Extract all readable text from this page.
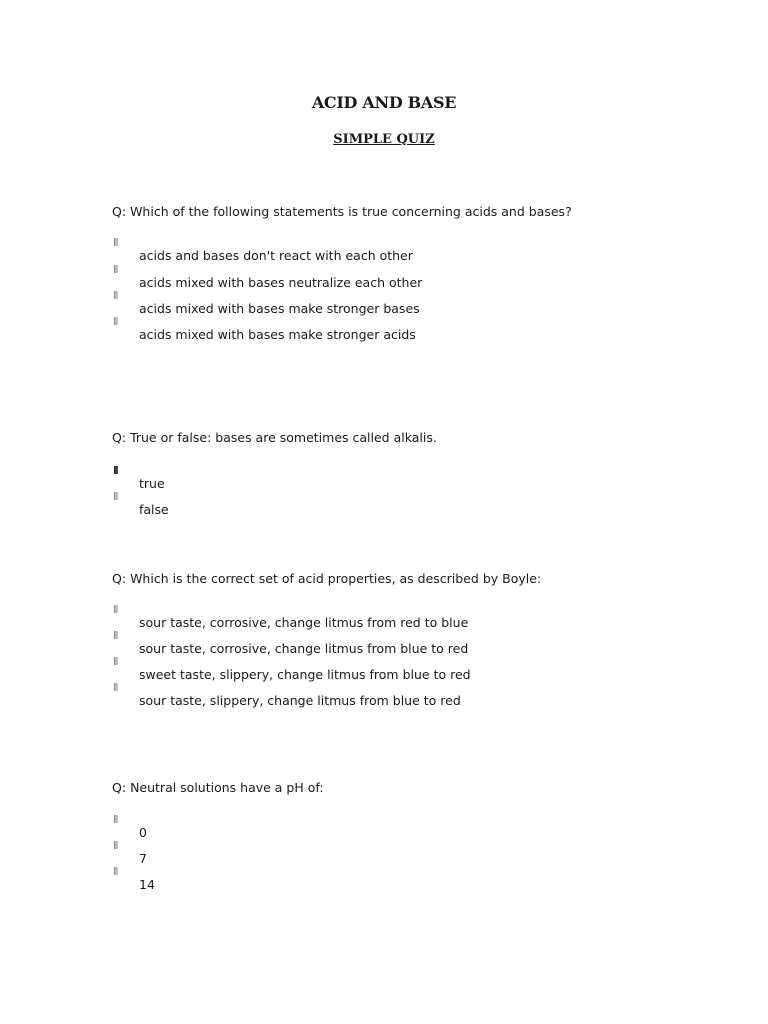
ACID AND BASE
SIMPLE QUIZ
Q: Which of the following statements is true concerning acids and bases?
acids and bases don't react with each other
acids mixed with bases neutralize each other
acids mixed with bases make stronger bases
acids mixed with bases make stronger acids
Q: True or false: bases are sometimes called alkalis.
true
false
Q: Which is the correct set of acid properties, as described by Boyle:
sour taste, corrosive, change litmus from red to blue
sour taste, corrosive, change litmus from blue to red
sweet taste, slippery, change litmus from blue to red
sour taste, slippery, change litmus from blue to red
Q: Neutral solutions have a pH of:
0
7
14
